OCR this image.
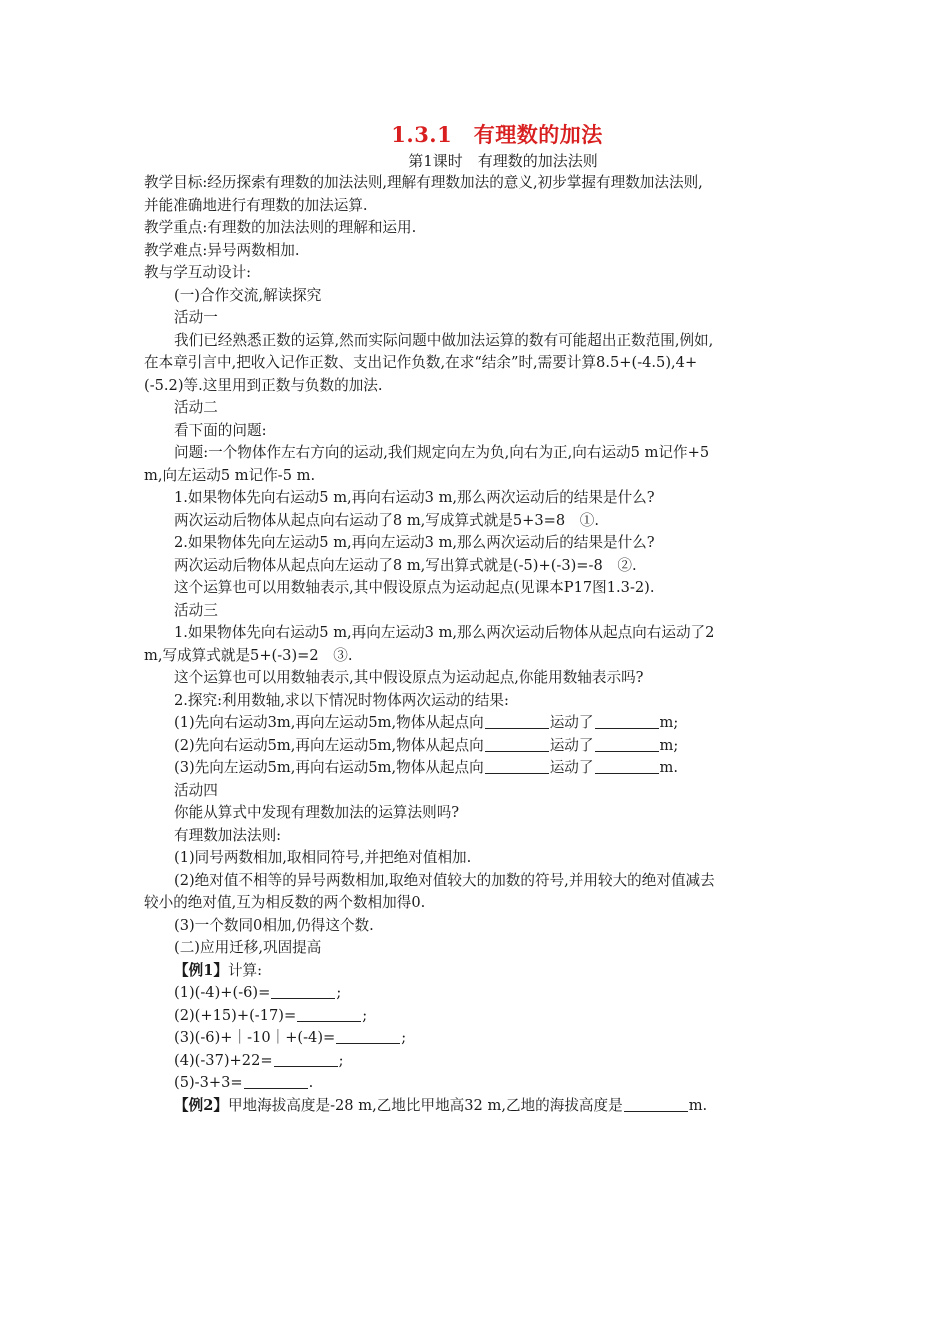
1.3.1　有理数的加法
第1课时　有理数的加法法则
教学目标:经历探索有理数的加法法则,理解有理数加法的意义,初步掌握有理数加法法则,
并能准确地进行有理数的加法运算.
教学重点:有理数的加法法则的理解和运用.
教学难点:异号两数相加.
教与学互动设计:
(一)合作交流,解读探究
活动一
我们已经熟悉正数的运算,然而实际问题中做加法运算的数有可能超出正数范围,例如,
在本章引言中,把收入记作正数、支出记作负数,在求“结余”时,需要计算8.5+(-4.5),4+
(-5.2)等.这里用到正数与负数的加法.
活动二
看下面的问题:
问题:一个物体作左右方向的运动,我们规定向左为负,向右为正,向右运动5 m记作+5
m,向左运动5 m记作-5 m.
1.如果物体先向右运动5 m,再向右运动3 m,那么两次运动后的结果是什么?
两次运动后物体从起点向右运动了8 m,写成算式就是5+3=8　①.
2.如果物体先向左运动5 m,再向左运动3 m,那么两次运动后的结果是什么?
两次运动后物体从起点向左运动了8 m,写出算式就是(-5)+(-3)=-8　②.
这个运算也可以用数轴表示,其中假设原点为运动起点(见课本P17图1.3-2).
活动三
1.如果物体先向右运动5 m,再向左运动3 m,那么两次运动后物体从起点向右运动了2
m,写成算式就是5+(-3)=2　③.
这个运算也可以用数轴表示,其中假设原点为运动起点,你能用数轴表示吗?
2.探究:利用数轴,求以下情况时物体两次运动的结果:
(1)先向右运动3m,再向左运动5m,物体从起点向	运动了	m;
(2)先向右运动5m,再向左运动5m,物体从起点向	运动了	m;
(3)先向左运动5m,再向右运动5m,物体从起点向	运动了	m.
活动四
你能从算式中发现有理数加法的运算法则吗?
有理数加法法则:
(1)同号两数相加,取相同符号,并把绝对值相加.
(2)绝对值不相等的异号两数相加,取绝对值较大的加数的符号,并用较大的绝对值减去
较小的绝对值,互为相反数的两个数相加得0.
(3)一个数同0相加,仍得这个数.
(二)应用迁移,巩固提高
【例1】计算:
(1)(-4)+(-6)=	;
(2)(+15)+(-17)=	;
(3)(-6)+｜-10｜+(-4)=	;
(4)(-37)+22=	;
(5)-3+3=	.
【例2】甲地海拔高度是-28 m,乙地比甲地高32 m,乙地的海拔高度是	m.
